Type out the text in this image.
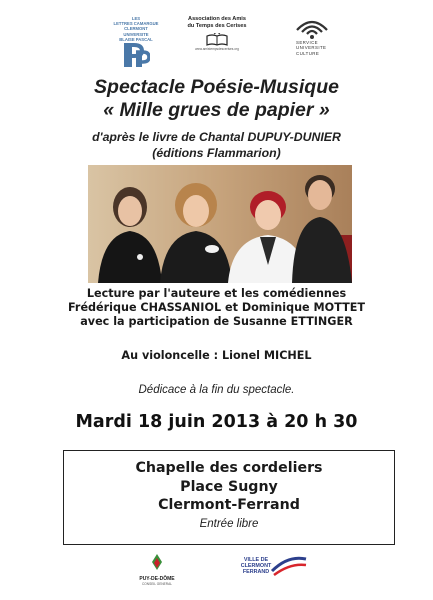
LES
LETTRES CAMARGUE
CLERMONT
UNIVERSITE
BLAISE PASCAL
Association des Amis
du Temps des Cerises
www.amistempsdescerises.org
SERVICE
UNIVERSITE
CULTURE
Spectacle Poésie-Musique
« Mille grues de papier »
d'après le livre de Chantal DUPUY-DUNIER
(éditions Flammarion)
Lecture par l'auteure et les comédiennes
Frédérique CHASSANIOL et Dominique MOTTET
avec la participation de Susanne ETTINGER
Au violoncelle : Lionel MICHEL
Dédicace à la fin du spectacle.
Mardi 18 juin 2013 à 20 h 30
Chapelle des cordeliers
Place Sugny
Clermont-Ferrand
Entrée libre
PUY-DE-DÔME
CONSEIL GENERAL
VILLE DE
CLERMONT
FERRAND
